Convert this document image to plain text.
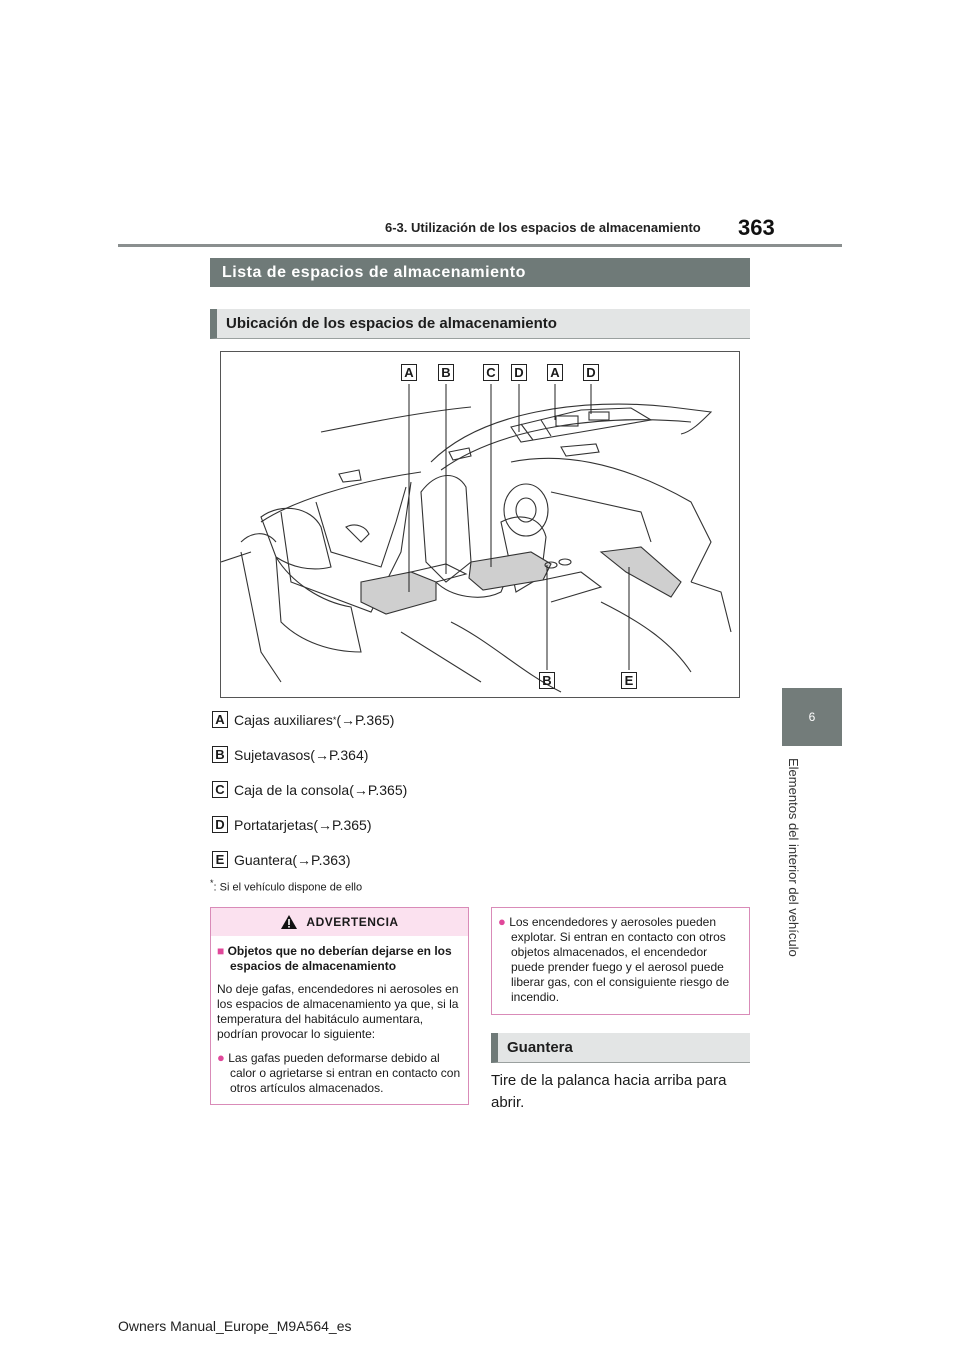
6-3. Utilización de los espacios de almacenamiento 363
6
Elementos del interior del vehículo
Lista de espacios de almacenamiento
Ubicación de los espacios de almacenamiento
A B	C D A D
B	E
A Cajas auxiliares * (→P.365)
B Sujetavasos (→P.364)
C Caja de la consola (→P.365)
D Portatarjetas (→P.365)
E Guantera (→P.363)
*: Si el vehículo dispone de ello
ADVERTENCIA
■ Objetos que no deberían dejarse en los espacios de almacenamiento
No deje gafas, encendedores ni aerosoles en los espacios de almacenamiento ya que, si la temperatura del habitáculo aumentara, podrían provocar lo siguiente:
● Las gafas pueden deformarse debido al calor o agrietarse si entran en contacto con otros artículos almacenados.
● Los encendedores y aerosoles pueden explotar. Si entran en contacto con otros objetos almacenados, el encendedor puede prender fuego y el aerosol puede liberar gas, con el consiguiente riesgo de incendio.
Guantera
Tire de la palanca hacia arriba para abrir.
Owners Manual_Europe_M9A564_es
